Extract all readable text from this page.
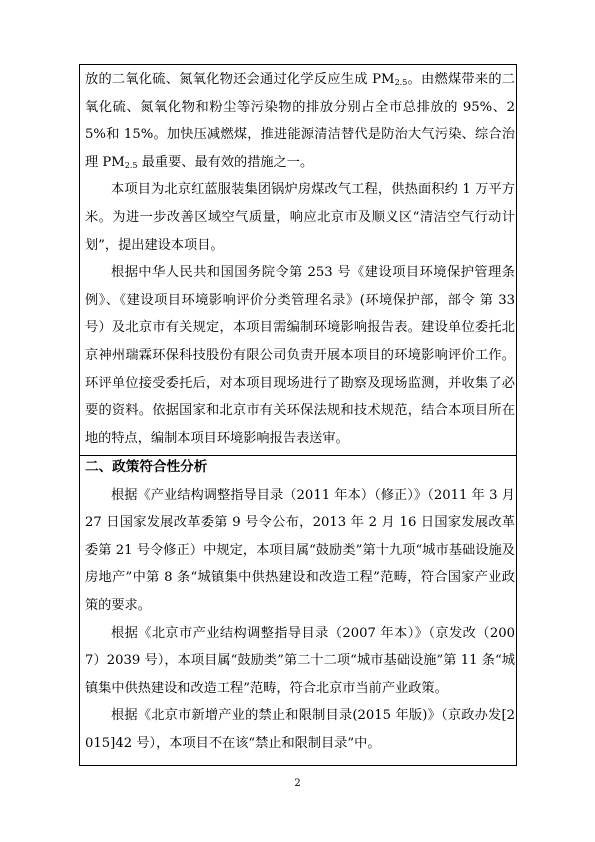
放的二氧化硫、氮氧化物还会通过化学反应生成 $PM_{2.5}$。由燃煤带来的二氧化硫、氮氧化物和粉尘等污染物的排放分别占全市总排放的 95%、25%和 15%。加快压减燃煤，推进能源清洁替代是防治大气污染、综合治理 $PM_{2.5}$ 最重要、最有效的措施之一。

本项目为北京红蓝服装集团锅炉房煤改气工程，供热面积约 1 万平方米。为进一步改善区域空气质量，响应北京市及顺义区“清洁空气行动计划”，提出建设本项目。

根据中华人民共和国国务院令第 253 号《建设项目环境保护管理条例》、《建设项目环境影响评价分类管理名录》(环境保护部，部令 第 33 号）及北京市有关规定，本项目需编制环境影响报告表。建设单位委托北京神州瑞霖环保科技股份有限公司负责开展本项目的环境影响评价工作。环评单位接受委托后，对本项目现场进行了勘察及现场监测，并收集了必要的资料。依据国家和北京市有关环保法规和技术规范，结合本项目所在地的特点，编制本项目环境影响报告表送审。

二、政策符合性分析

根据《产业结构调整指导目录（2011 年本）（修正）》（2011 年 3 月 27 日国家发展改革委第 9 号令公布，2013 年 2 月 16 日国家发展改革委第 21 号令修正）中规定，本项目属“鼓励类”第十九项“城市基础设施及房地产”中第 8 条“城镇集中供热建设和改造工程”范畴，符合国家产业政策的要求。

根据《北京市产业结构调整指导目录（2007 年本）》（京发改（2007）2039 号），本项目属“鼓励类”第二十二项“城市基础设施”第 11 条“城镇集中供热建设和改造工程”范畴，符合北京市当前产业政策。

根据《北京市新增产业的禁止和限制目录(2015 年版)》（京政办发[2015]42 号），本项目不在该“禁止和限制目录”中。

2
